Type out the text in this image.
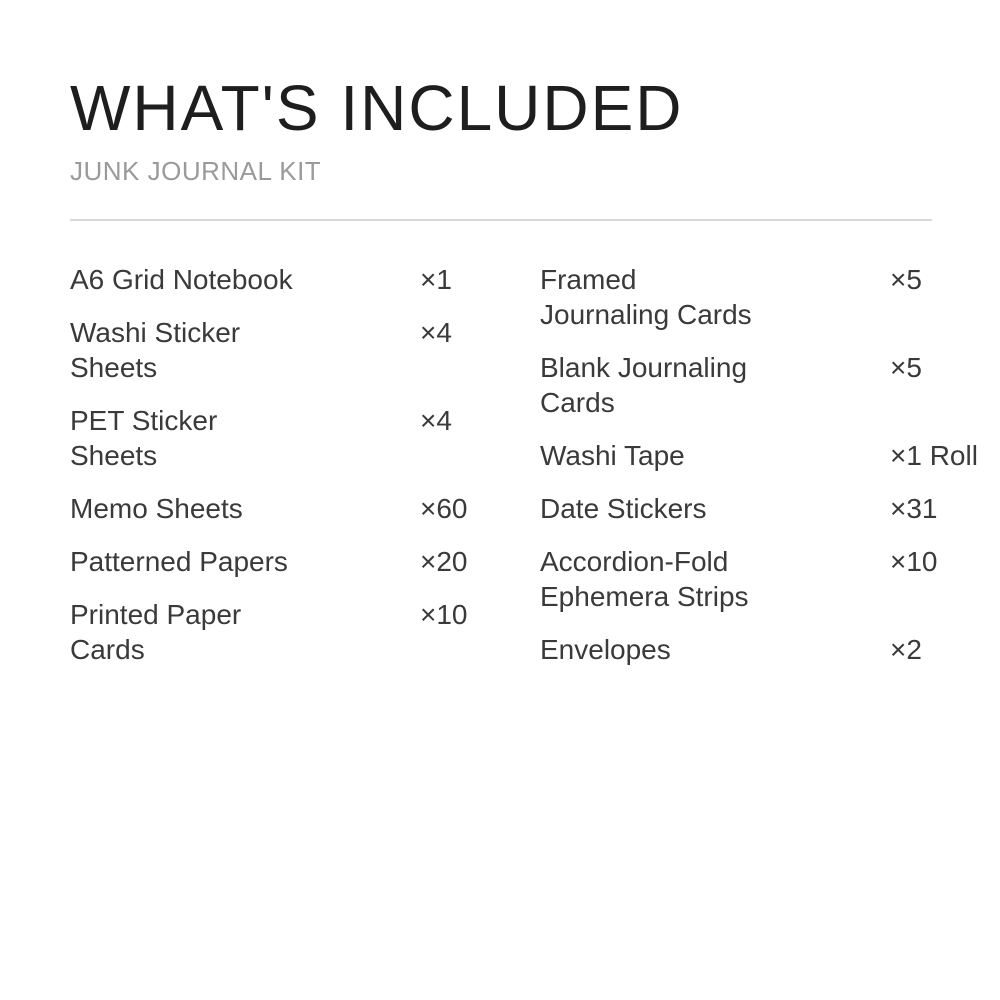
WHAT'S INCLUDED
JUNK JOURNAL KIT
A6 Grid Notebook	×1
Washi Sticker Sheets
×4
PET Sticker Sheets
×4
Memo Sheets	×60
Patterned Papers	×20
Printed Paper Cards
×10
Framed Journaling Cards
×5
Blank Journaling Cards
×5
Washi Tape	×1 Roll
Date Stickers	×31
Accordion-Fold Ephemera Strips
×10
Envelopes	×2
